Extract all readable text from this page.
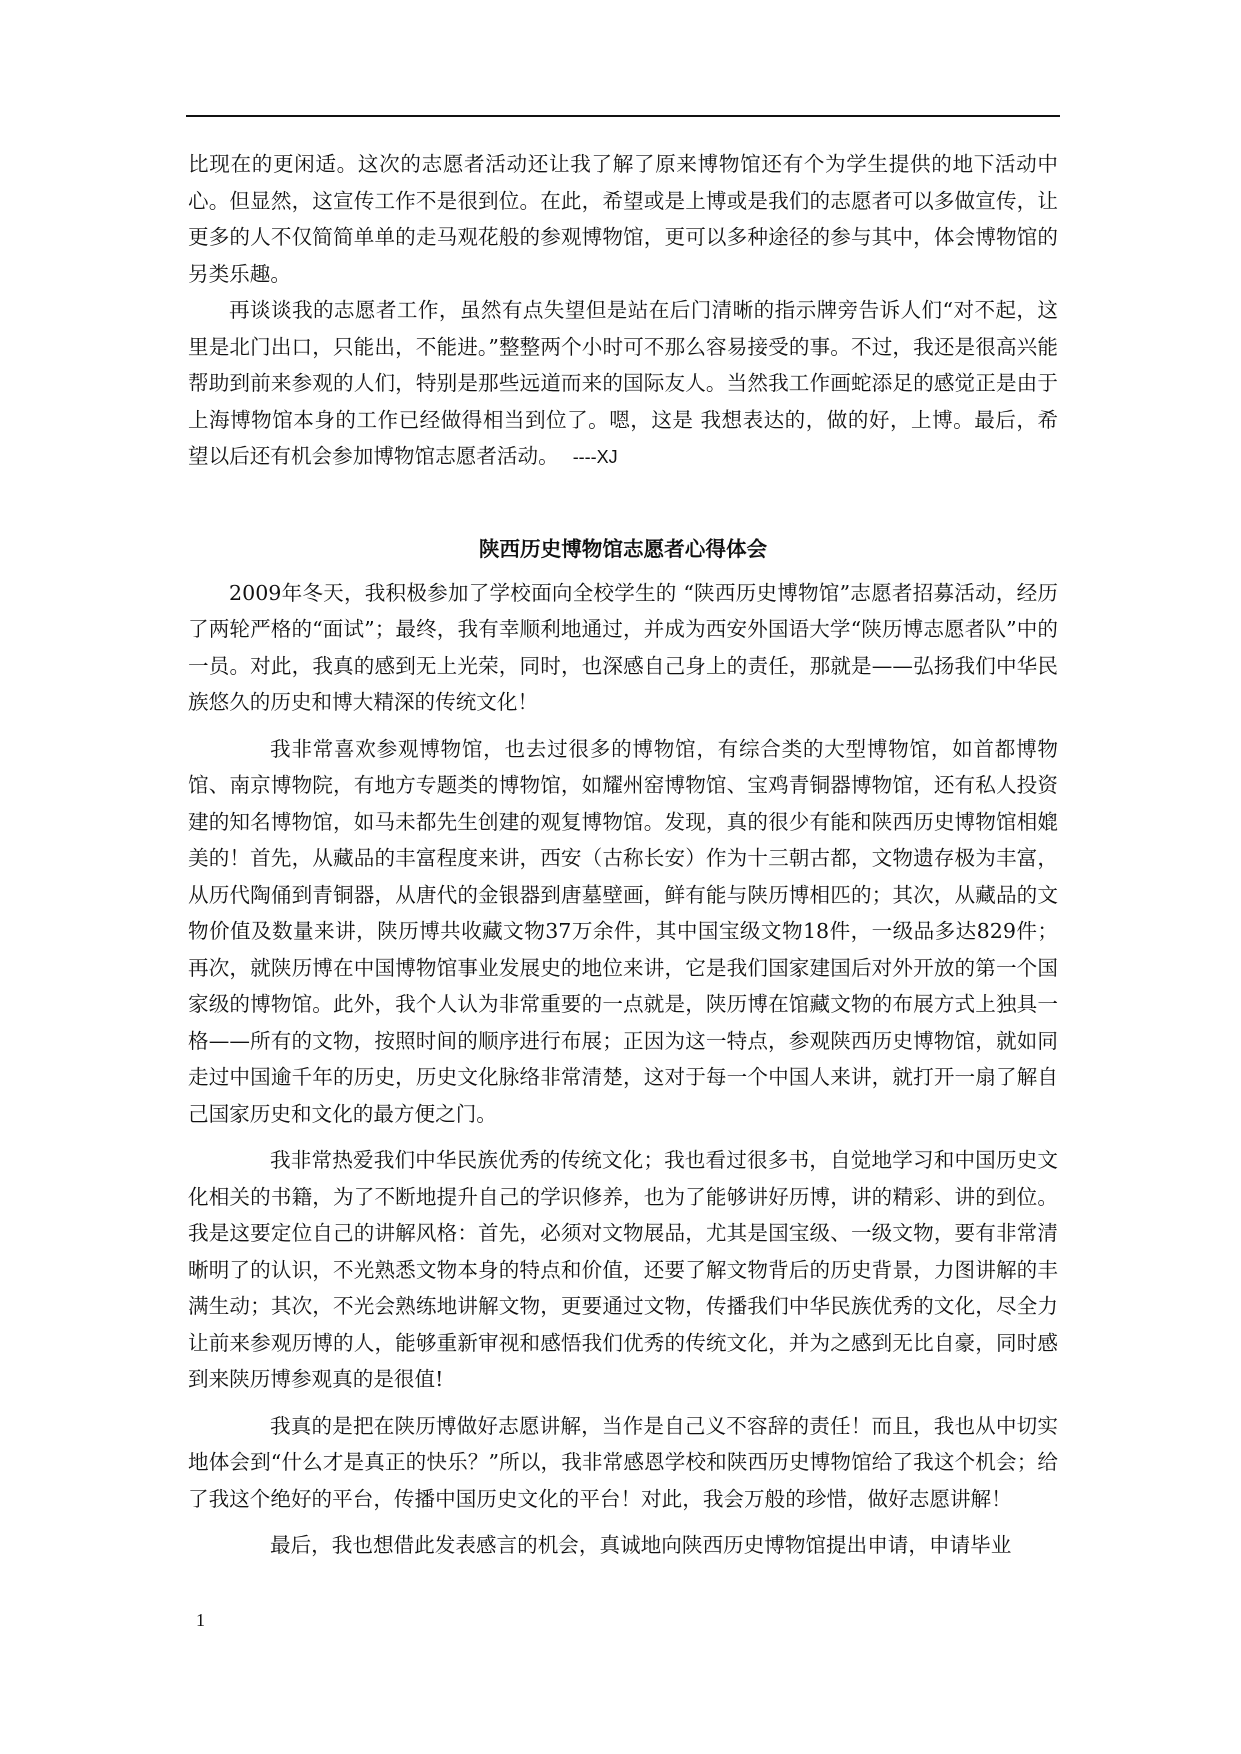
比现在的更闲适。这次的志愿者活动还让我了解了原来博物馆还有个为学生提供的地下活动中心。但显然，这宣传工作不是很到位。在此，希望或是上博或是我们的志愿者可以多做宣传，让更多的人不仅简简单单的走马观花般的参观博物馆，更可以多种途径的参与其中，体会博物馆的另类乐趣。

再谈谈我的志愿者工作，虽然有点失望但是站在后门清晰的指示牌旁告诉人们“对不起，这里是北门出口，只能出，不能进。”整整两个小时可不那么容易接受的事。不过，我还是很高兴能帮助到前来参观的人们，特别是那些远道而来的国际友人。当然我工作画蛇添足的感觉正是由于上海博物馆本身的工作已经做得相当到位了。嗯，这是 我想表达的，做的好，上博。最后，希望以后还有机会参加博物馆志愿者活动。 ----XJ

陕西历史博物馆志愿者心得体会

2009年冬天，我积极参加了学校面向全校学生的 “陕西历史博物馆”志愿者招募活动，经历了两轮严格的“面试”；最终，我有幸顺利地通过，并成为西安外国语大学“陕历博志愿者队”中的一员。对此，我真的感到无上光荣，同时，也深感自己身上的责任，那就是——弘扬我们中华民族悠久的历史和博大精深的传统文化！

我非常喜欢参观博物馆，也去过很多的博物馆，有综合类的大型博物馆，如首都博物馆、南京博物院，有地方专题类的博物馆，如耀州窑博物馆、宝鸡青铜器博物馆，还有私人投资建的知名博物馆，如马未都先生创建的观复博物馆。发现，真的很少有能和陕西历史博物馆相媲美的！首先，从藏品的丰富程度来讲，西安（古称长安）作为十三朝古都，文物遗存极为丰富，从历代陶俑到青铜器，从唐代的金银器到唐墓壁画，鲜有能与陕历博相匹的；其次，从藏品的文物价值及数量来讲，陕历博共收藏文物37万余件，其中国宝级文物18件，一级品多达829件；再次，就陕历博在中国博物馆事业发展史的地位来讲，它是我们国家建国后对外开放的第一个国家级的博物馆。此外，我个人认为非常重要的一点就是，陕历博在馆藏文物的布展方式上独具一格——所有的文物，按照时间的顺序进行布展；正因为这一特点，参观陕西历史博物馆，就如同走过中国逾千年的历史，历史文化脉络非常清楚，这对于每一个中国人来讲，就打开一扇了解自己国家历史和文化的最方便之门。

我非常热爱我们中华民族优秀的传统文化；我也看过很多书，自觉地学习和中国历史文化相关的书籍，为了不断地提升自己的学识修养，也为了能够讲好历博，讲的精彩、讲的到位。我是这要定位自己的讲解风格：首先，必须对文物展品，尤其是国宝级、一级文物，要有非常清晰明了的认识，不光熟悉文物本身的特点和价值，还要了解文物背后的历史背景，力图讲解的丰满生动；其次，不光会熟练地讲解文物，更要通过文物，传播我们中华民族优秀的文化，尽全力让前来参观历博的人，能够重新审视和感悟我们优秀的传统文化，并为之感到无比自豪，同时感到来陕历博参观真的是很值!

我真的是把在陕历博做好志愿讲解，当作是自己义不容辞的责任！而且，我也从中切实地体会到“什么才是真正的快乐？”所以，我非常感恩学校和陕西历史博物馆给了我这个机会；给了我这个绝好的平台，传播中国历史文化的平台！对此，我会万般的珍惜，做好志愿讲解！

最后，我也想借此发表感言的机会，真诚地向陕西历史博物馆提出申请，申请毕业

1
